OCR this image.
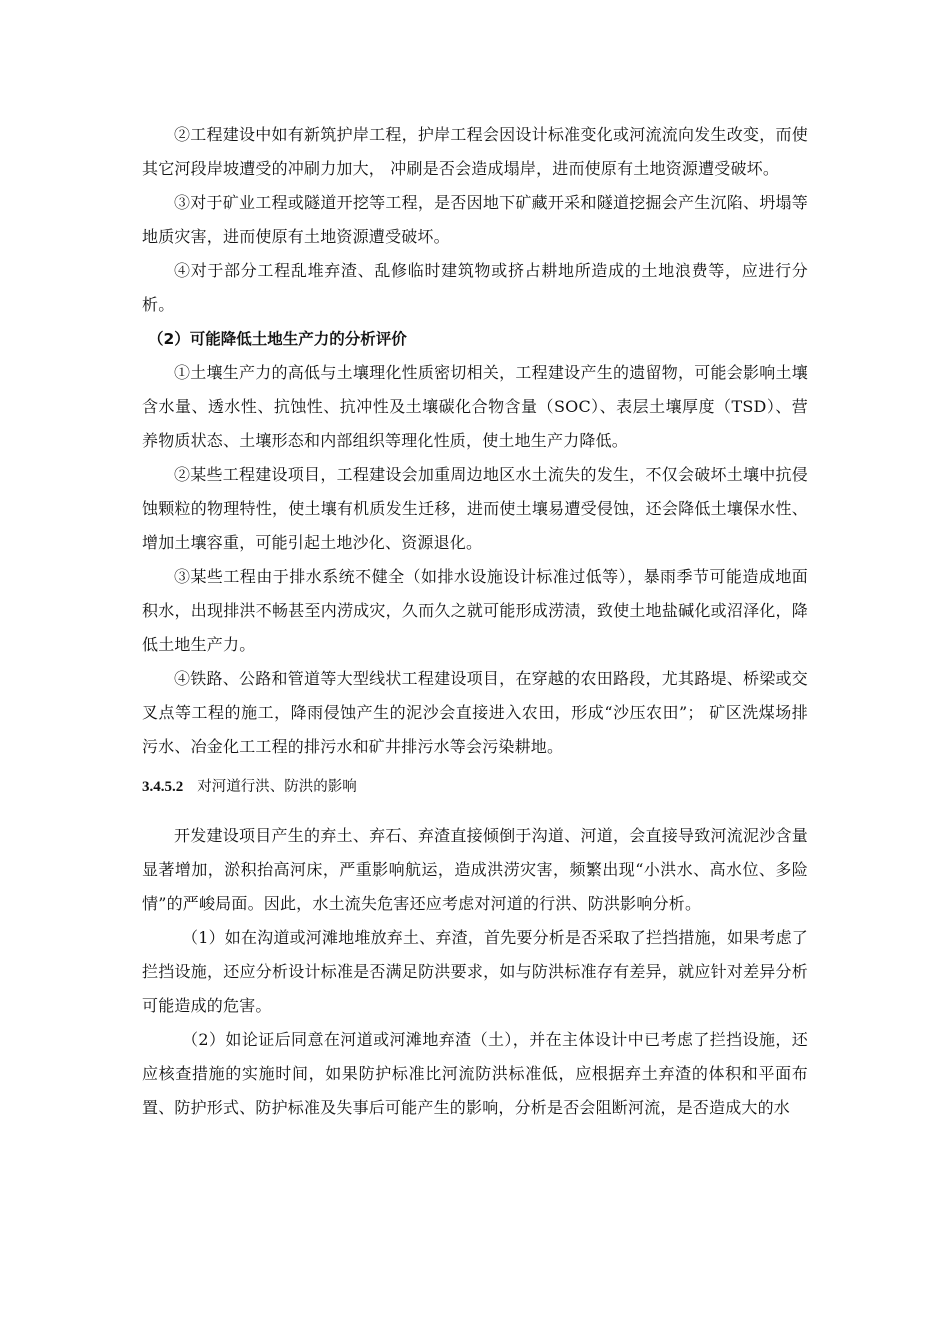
②工程建设中如有新筑护岸工程，护岸工程会因设计标准变化或河流流向发生改变，而使其它河段岸坡遭受的冲刷力加大， 冲刷是否会造成塌岸，进而使原有土地资源遭受破坏。

③对于矿业工程或隧道开挖等工程，是否因地下矿藏开采和隧道挖掘会产生沉陷、坍塌等地质灾害，进而使原有土地资源遭受破坏。

④对于部分工程乱堆弃渣、乱修临时建筑物或挤占耕地所造成的土地浪费等，应进行分析。

（2）可能降低土地生产力的分析评价

①土壤生产力的高低与土壤理化性质密切相关，工程建设产生的遗留物，可能会影响土壤含水量、透水性、抗蚀性、抗冲性及土壤碳化合物含量（SOC）、表层土壤厚度（TSD）、营养物质状态、土壤形态和内部组织等理化性质，使土地生产力降低。

②某些工程建设项目，工程建设会加重周边地区水土流失的发生，不仅会破坏土壤中抗侵蚀颗粒的物理特性，使土壤有机质发生迁移，进而使土壤易遭受侵蚀，还会降低土壤保水性、增加土壤容重，可能引起土地沙化、资源退化。

③某些工程由于排水系统不健全（如排水设施设计标准过低等），暴雨季节可能造成地面积水，出现排洪不畅甚至内涝成灾，久而久之就可能形成涝渍，致使土地盐碱化或沼泽化，降低土地生产力。

④铁路、公路和管道等大型线状工程建设项目，在穿越的农田路段，尤其路堤、桥梁或交叉点等工程的施工，降雨侵蚀产生的泥沙会直接进入农田，形成“沙压农田”； 矿区洗煤场排污水、冶金化工工程的排污水和矿井排污水等会污染耕地。

3.4.5.2 对河道行洪、防洪的影响

开发建设项目产生的弃土、弃石、弃渣直接倾倒于沟道、河道，会直接导致河流泥沙含量显著增加，淤积抬高河床，严重影响航运，造成洪涝灾害，频繁出现“小洪水、高水位、多险情”的严峻局面。因此，水土流失危害还应考虑对河道的行洪、防洪影响分析。

（1）如在沟道或河滩地堆放弃土、弃渣，首先要分析是否采取了拦挡措施，如果考虑了拦挡设施，还应分析设计标准是否满足防洪要求，如与防洪标准存有差异，就应针对差异分析可能造成的危害。

（2）如论证后同意在河道或河滩地弃渣（土），并在主体设计中已考虑了拦挡设施，还应核查措施的实施时间，如果防护标准比河流防洪标准低，应根据弃土弃渣的体积和平面布置、防护形式、防护标准及失事后可能产生的影响，分析是否会阻断河流，是否造成大的水
